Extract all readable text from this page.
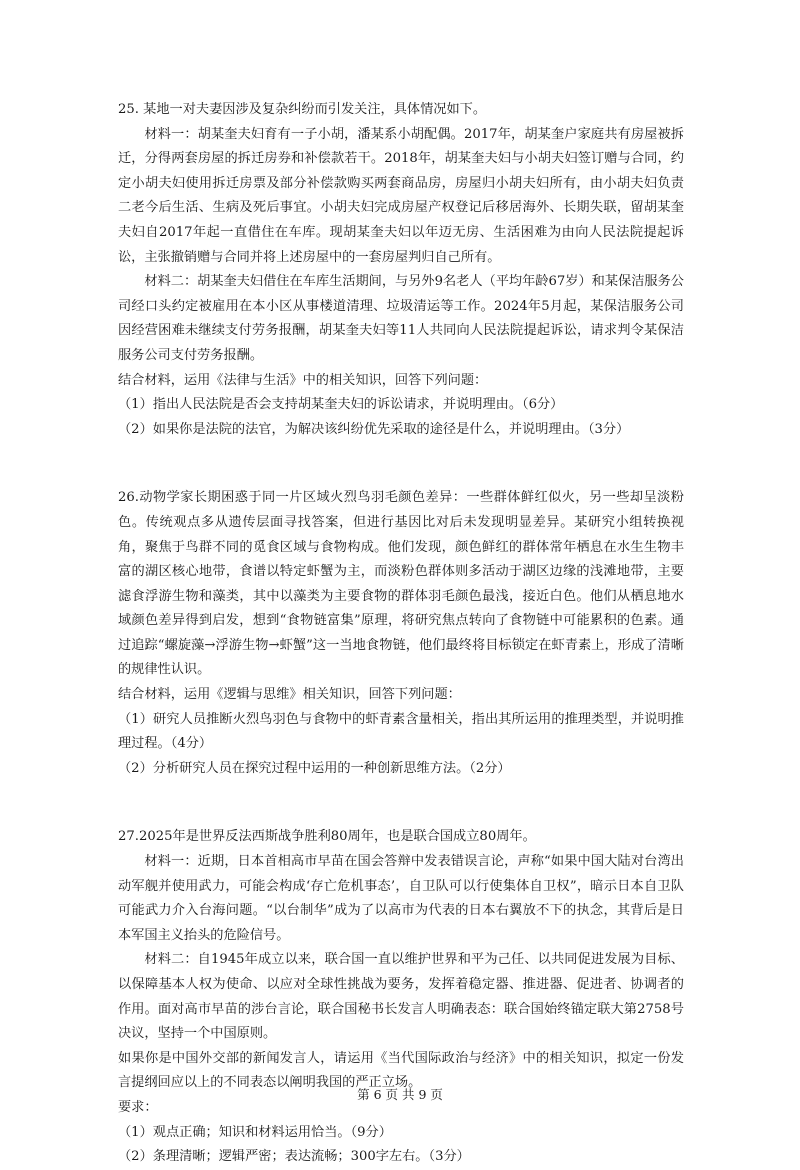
25. 某地一对夫妻因涉及复杂纠纷而引发关注，具体情况如下。

材料一：胡某奎夫妇育有一子小胡，潘某系小胡配偶。2017年，胡某奎户家庭共有房屋被拆迁，分得两套房屋的拆迁房券和补偿款若干。2018年，胡某奎夫妇与小胡夫妇签订赠与合同，约定小胡夫妇使用拆迁房票及部分补偿款购买两套商品房，房屋归小胡夫妇所有，由小胡夫妇负责二老今后生活、生病及死后事宜。小胡夫妇完成房屋产权登记后移居海外、长期失联，留胡某奎夫妇自2017年起一直借住在车库。现胡某奎夫妇以年迈无房、生活困难为由向人民法院提起诉讼，主张撤销赠与合同并将上述房屋中的一套房屋判归自己所有。

材料二：胡某奎夫妇借住在车库生活期间，与另外9名老人（平均年龄67岁）和某保洁服务公司经口头约定被雇用在本小区从事楼道清理、垃圾清运等工作。2024年5月起，某保洁服务公司因经营困难未继续支付劳务报酬，胡某奎夫妇等11人共同向人民法院提起诉讼，请求判令某保洁服务公司支付劳务报酬。

结合材料，运用《法律与生活》中的相关知识，回答下列问题：

（1）指出人民法院是否会支持胡某奎夫妇的诉讼请求，并说明理由。（6分）

（2）如果你是法院的法官，为解决该纠纷优先采取的途径是什么，并说明理由。（3分）

26.动物学家长期困惑于同一片区域火烈鸟羽毛颜色差异：一些群体鲜红似火，另一些却呈淡粉色。传统观点多从遗传层面寻找答案，但进行基因比对后未发现明显差异。某研究小组转换视角，聚焦于鸟群不同的觅食区域与食物构成。他们发现，颜色鲜红的群体常年栖息在水生生物丰富的湖区核心地带，食谱以特定虾蟹为主，而淡粉色群体则多活动于湖区边缘的浅滩地带，主要滤食浮游生物和藻类，其中以藻类为主要食物的群体羽毛颜色最浅，接近白色。他们从栖息地水域颜色差异得到启发，想到“食物链富集”原理，将研究焦点转向了食物链中可能累积的色素。通过追踪“螺旋藻→浮游生物→虾蟹”这一当地食物链，他们最终将目标锁定在虾青素上，形成了清晰的规律性认识。

结合材料，运用《逻辑与思维》相关知识，回答下列问题：

（1）研究人员推断火烈鸟羽色与食物中的虾青素含量相关，指出其所运用的推理类型，并说明推理过程。（4分）

（2）分析研究人员在探究过程中运用的一种创新思维方法。（2分）

27.2025年是世界反法西斯战争胜利80周年，也是联合国成立80周年。

材料一：近期，日本首相高市早苗在国会答辩中发表错误言论，声称“如果中国大陆对台湾出动军舰并使用武力，可能会构成‘存亡危机事态’，自卫队可以行使集体自卫权”，暗示日本自卫队可能武力介入台海问题。“以台制华”成为了以高市为代表的日本右翼放不下的执念，其背后是日本军国主义抬头的危险信号。

材料二：自1945年成立以来，联合国一直以维护世界和平为己任、以共同促进发展为目标、以保障基本人权为使命、以应对全球性挑战为要务，发挥着稳定器、推进器、促进者、协调者的作用。面对高市早苗的涉台言论，联合国秘书长发言人明确表态：联合国始终锚定联大第2758号决议，坚持一个中国原则。

如果你是中国外交部的新闻发言人，请运用《当代国际政治与经济》中的相关知识，拟定一份发言提纲回应以上的不同表态以阐明我国的严正立场。

要求：

（1）观点正确；知识和材料运用恰当。（9分）

（2）条理清晰；逻辑严密；表达流畅；300字左右。（3分）

第 6 页 共 9 页
